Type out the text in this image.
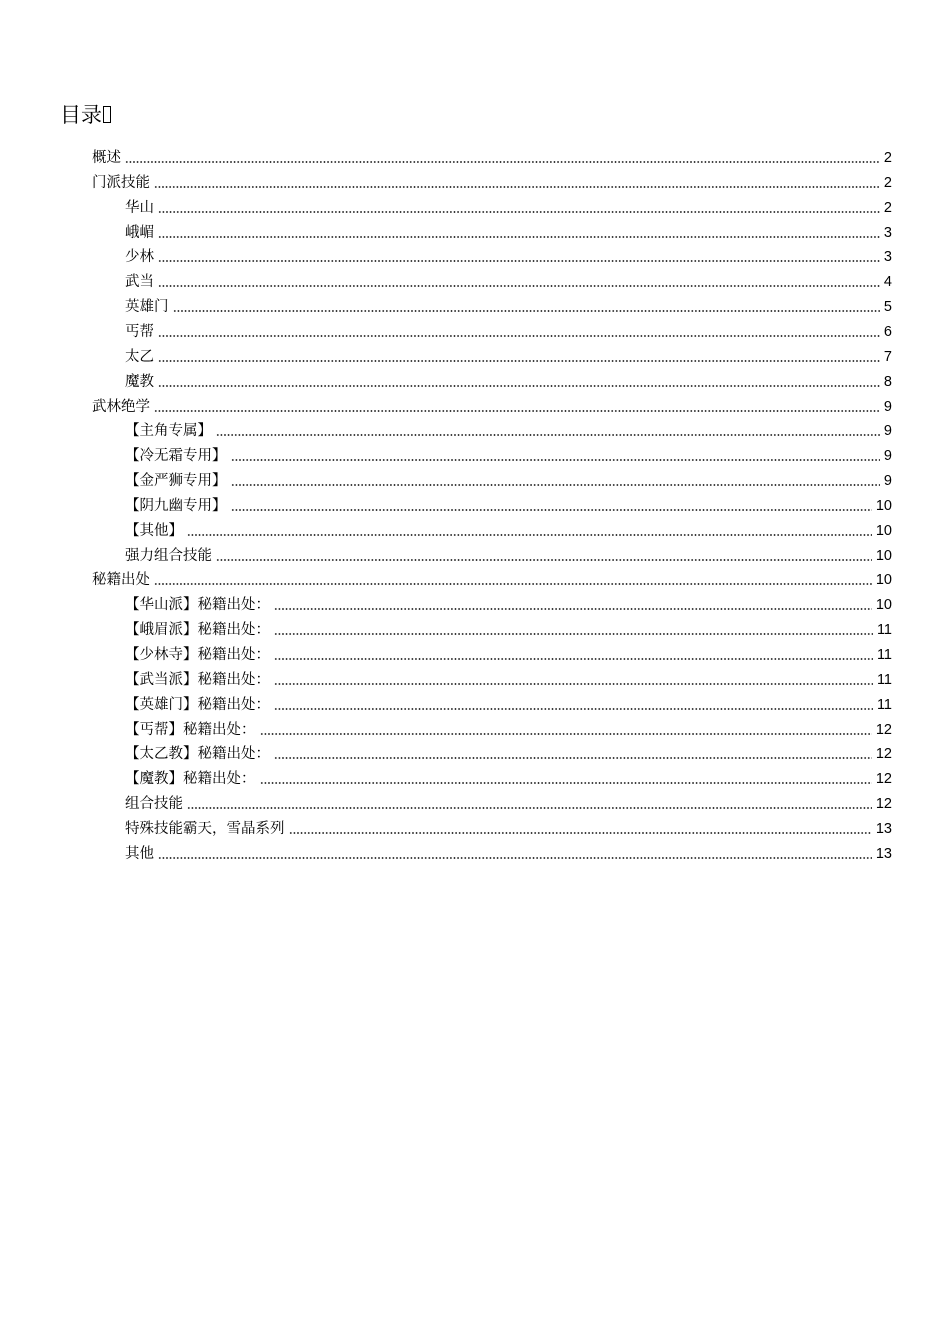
目录
概述	2
门派技能	2
华山	2
峨嵋	3
少林	3
武当	4
英雄门	5
丐帮	6
太乙	7
魔教	8
武林绝学	9
【主角专属】	9
【冷无霜专用】	9
【金严狮专用】	9
【阴九幽专用】	10
【其他】	10
强力组合技能	10
秘籍出处	10
【华山派】秘籍出处：	10
【峨眉派】秘籍出处：	11
【少林寺】秘籍出处：	11
【武当派】秘籍出处：	11
【英雄门】秘籍出处：	11
【丐帮】秘籍出处：	12
【太乙教】秘籍出处：	12
【魔教】秘籍出处：	12
组合技能	12
特殊技能霸天，雪晶系列	13
其他	13
